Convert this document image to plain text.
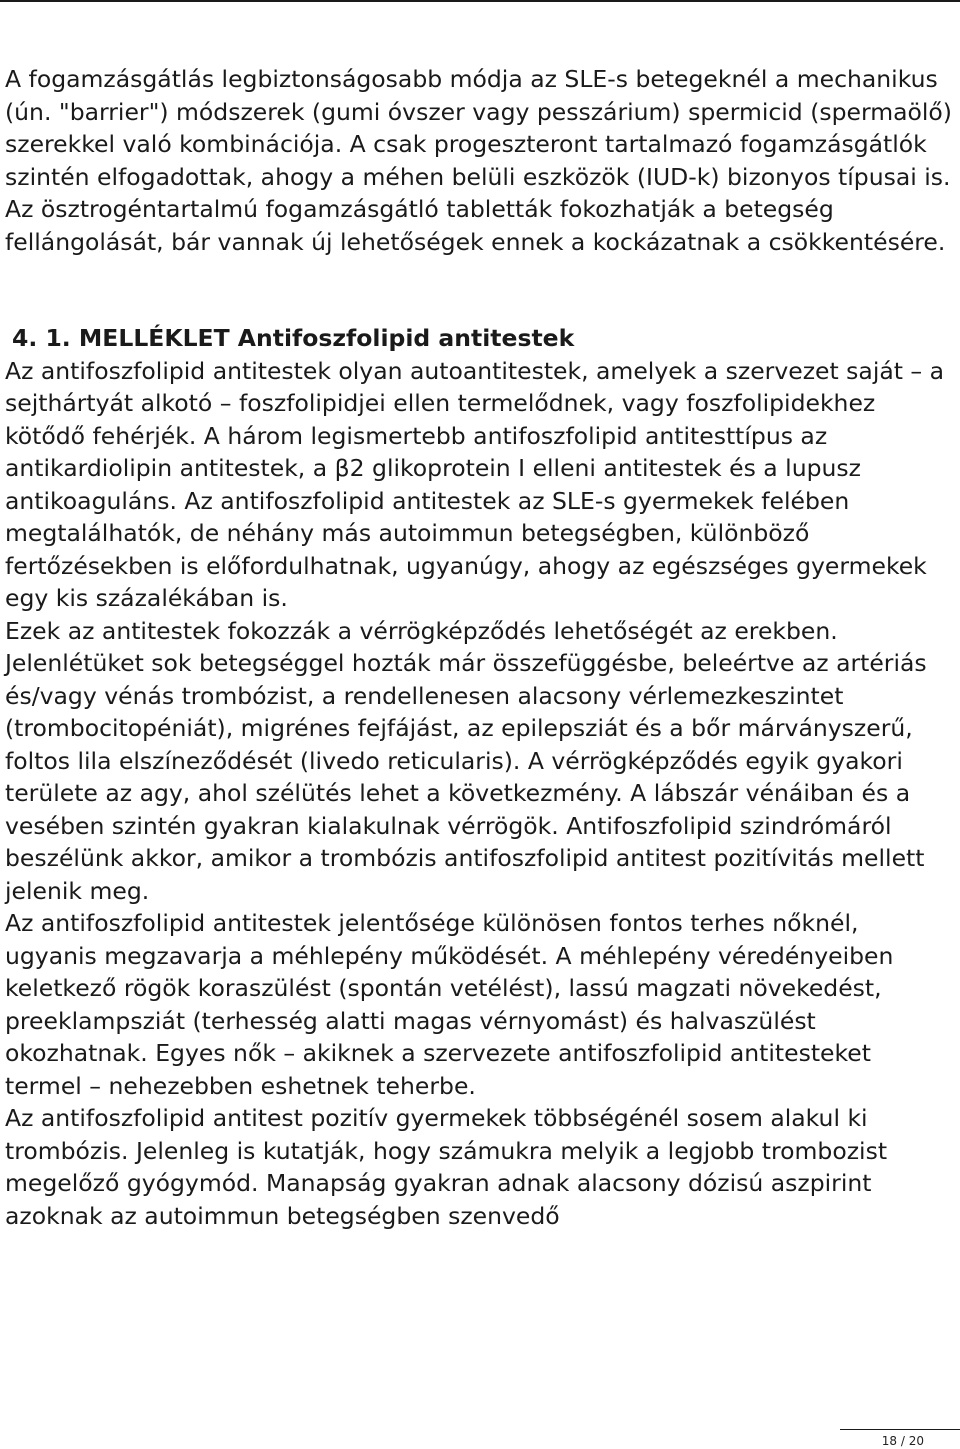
A fogamzásgátlás legbiztonságosabb módja az SLE-s betegeknél a mechanikus (ún. "barrier") módszerek (gumi óvszer vagy pesszárium) spermicid (spermaölő) szerekkel való kombinációja. A csak progeszteront tartalmazó fogamzásgátlók szintén elfogadottak, ahogy a méhen belüli eszközök (IUD-k) bizonyos típusai is. Az ösztrogéntartalmú fogamzásgátló tabletták fokozhatják a betegség fellángolását, bár vannak új lehetőségek ennek a kockázatnak a csökkentésére.

4. 1. MELLÉKLET Antifoszfolipid antitestek

Az antifoszfolipid antitestek olyan autoantitestek, amelyek a szervezet saját – a sejthártyát alkotó – foszfolipidjei ellen termelődnek, vagy foszfolipidekhez kötődő fehérjék. A három legismertebb antifoszfolipid antitesttípus az antikardiolipin antitestek, a β2 glikoprotein I elleni antitestek és a lupusz antikoaguláns. Az antifoszfolipid antitestek az SLE-s gyermekek felében megtalálhatók, de néhány más autoimmun betegségben, különböző fertőzésekben is előfordulhatnak, ugyanúgy, ahogy az egészséges gyermekek egy kis százalékában is.

Ezek az antitestek fokozzák a vérrögképződés lehetőségét az erekben. Jelenlétüket sok betegséggel hozták már összefüggésbe, beleértve az artériás és/vagy vénás trombózist, a rendellenesen alacsony vérlemezkeszintet (trombocitopéniát), migrénes fejfájást, az epilepsziát és a bőr márványszerű, foltos lila elszíneződését (livedo reticularis). A vérrögképződés egyik gyakori területe az agy, ahol szélütés lehet a következmény. A lábszár vénáiban és a vesében szintén gyakran kialakulnak vérrögök. Antifoszfolipid szindrómáról beszélünk akkor, amikor a trombózis antifoszfolipid antitest pozitívitás mellett jelenik meg.

Az antifoszfolipid antitestek jelentősége különösen fontos terhes nőknél, ugyanis megzavarja a méhlepény működését. A méhlepény véredényeiben keletkező rögök koraszülést (spontán vetélést), lassú magzati növekedést, preeklampsziát (terhesség alatti magas vérnyomást) és halvaszülést okozhatnak. Egyes nők – akiknek a szervezete antifoszfolipid antitesteket termel – nehezebben eshetnek teherbe.

Az antifoszfolipid antitest pozitív gyermekek többségénél sosem alakul ki trombózis. Jelenleg is kutatják, hogy számukra melyik a legjobb trombozist megelőző gyógymód. Manapság gyakran adnak alacsony dózisú aszpirint azoknak az autoimmun betegségben szenvedő

18 / 20
